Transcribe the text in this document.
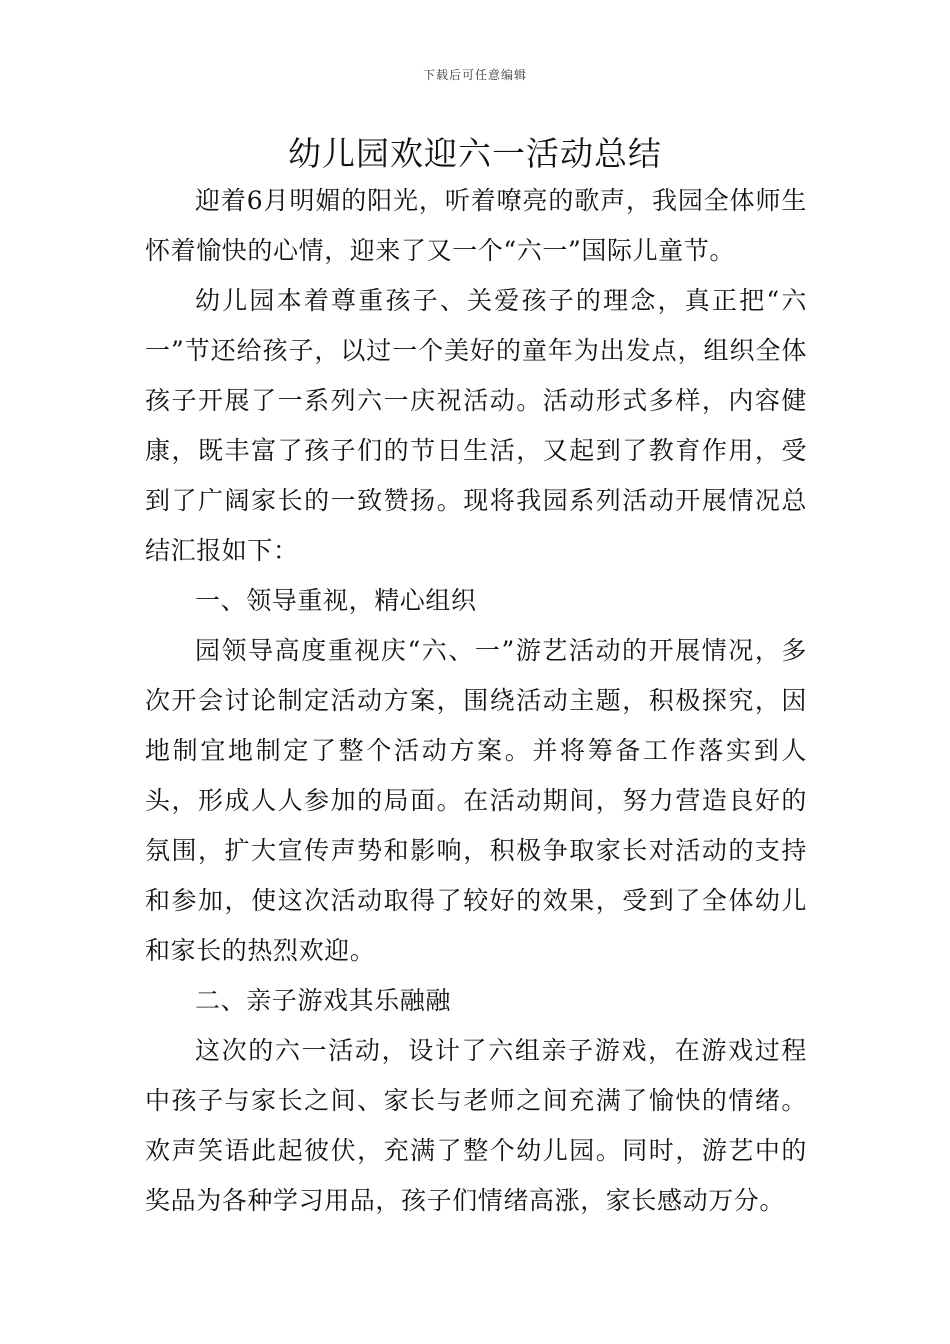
下载后可任意编辑
幼儿园欢迎六一活动总结

迎着6月明媚的阳光，听着嘹亮的歌声，我园全体师生怀着愉快的心情，迎来了又一个“六一”国际儿童节。

幼儿园本着尊重孩子、关爱孩子的理念，真正把“六一”节还给孩子，以过一个美好的童年为出发点，组织全体孩子开展了一系列六一庆祝活动。活动形式多样，内容健康，既丰富了孩子们的节日生活，又起到了教育作用，受到了广阔家长的一致赞扬。现将我园系列活动开展情况总结汇报如下：

一、领导重视，精心组织

园领导高度重视庆“六、一”游艺活动的开展情况，多次开会讨论制定活动方案，围绕活动主题，积极探究，因地制宜地制定了整个活动方案。并将筹备工作落实到人头，形成人人参加的局面。在活动期间，努力营造良好的氛围，扩大宣传声势和影响，积极争取家长对活动的支持和参加，使这次活动取得了较好的效果，受到了全体幼儿和家长的热烈欢迎。

二、亲子游戏其乐融融

这次的六一活动，设计了六组亲子游戏，在游戏过程中孩子与家长之间、家长与老师之间充满了愉快的情绪。欢声笑语此起彼伏，充满了整个幼儿园。同时，游艺中的奖品为各种学习用品，孩子们情绪高涨，家长感动万分。
